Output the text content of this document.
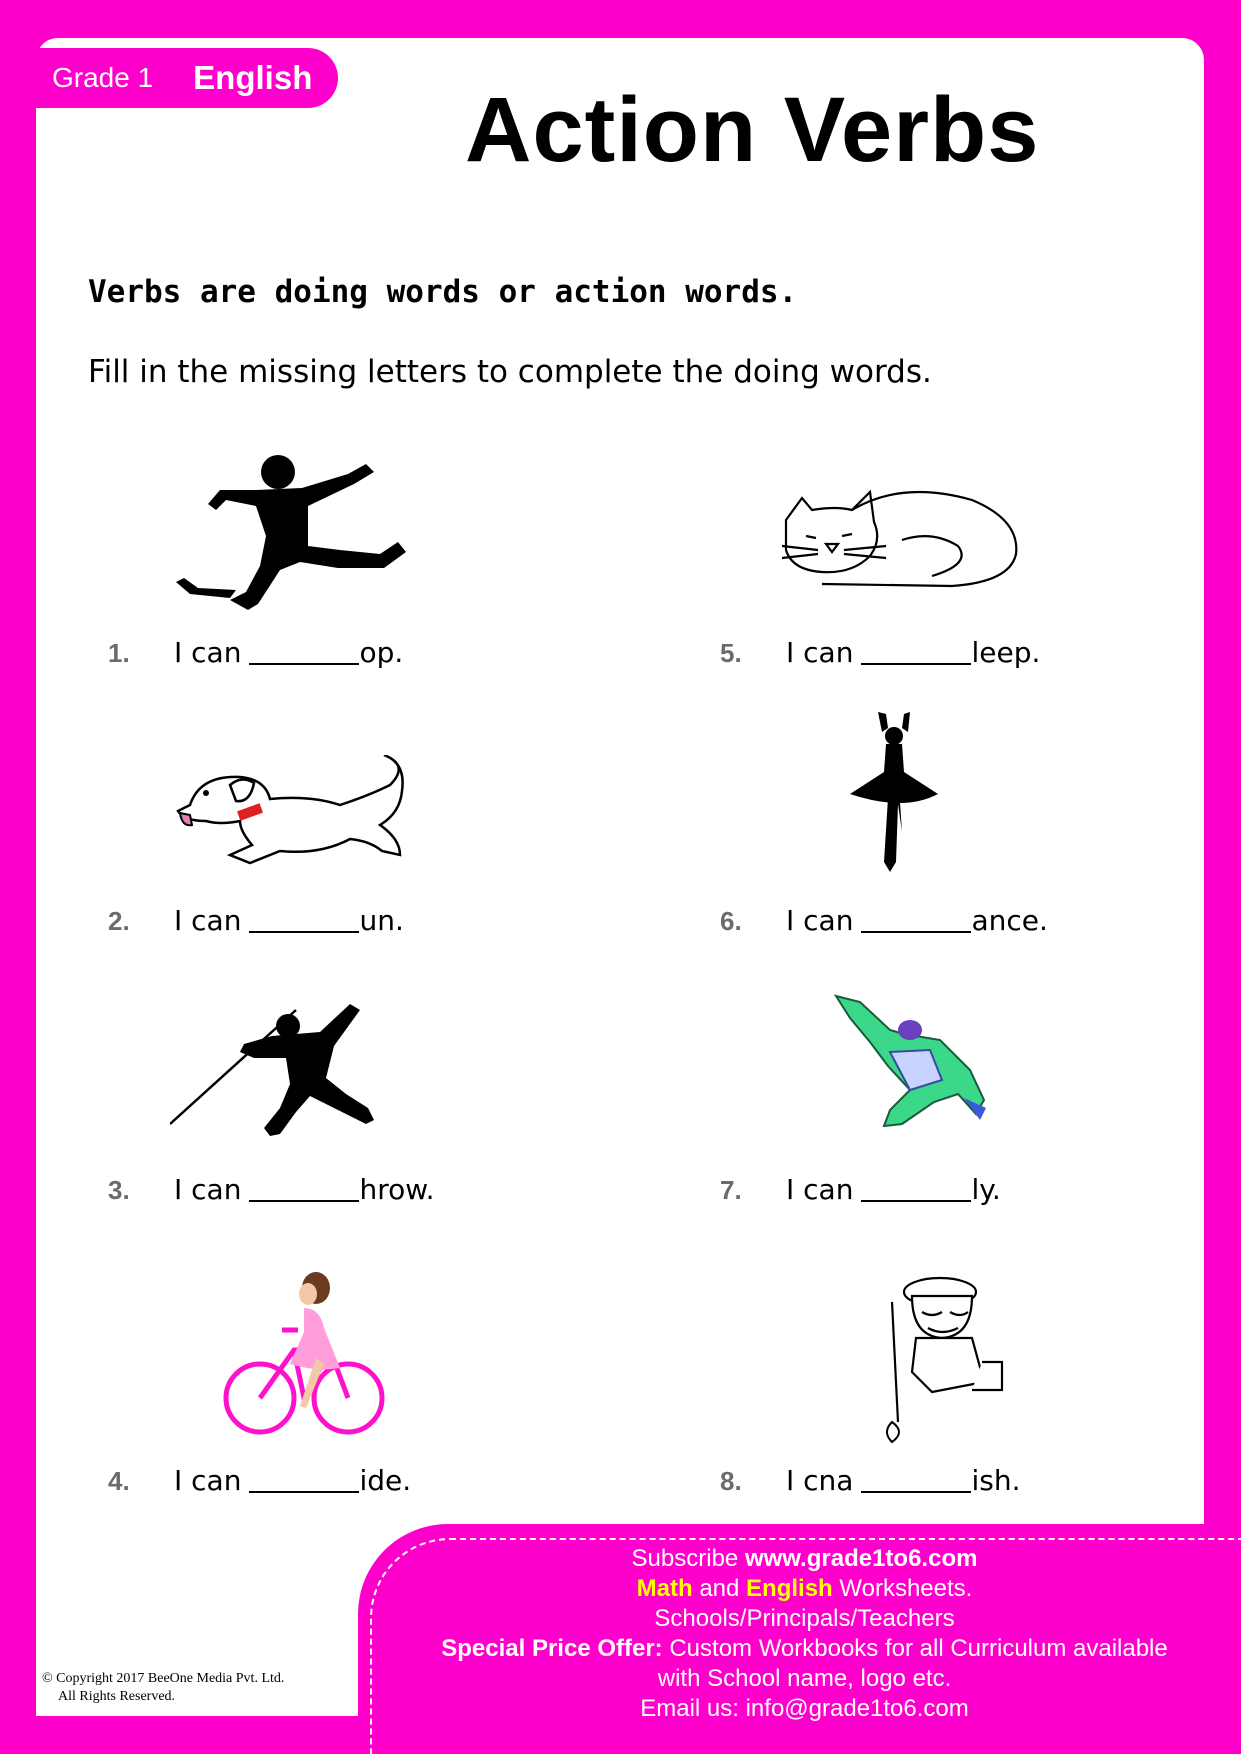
Grade 1 English
Action Verbs
Verbs are doing words or action words.
Fill in the missing letters to complete the doing words.
1. I can	op.
2. I can	un.
3. I can	hrow.
4. I can	ide.
5. I can	leep.
6. I can	ance.
7. I can	ly.
8. I cna	ish.
Subscribe www.grade1to6.com
Math and English Worksheets.
Schools/Principals/Teachers
Special Price Offer: Custom Workbooks for all Curriculum available
with School name, logo etc.
Email us: info@grade1to6.com
© Copyright 2017 BeeOne Media Pvt. Ltd.
All Rights Reserved.
